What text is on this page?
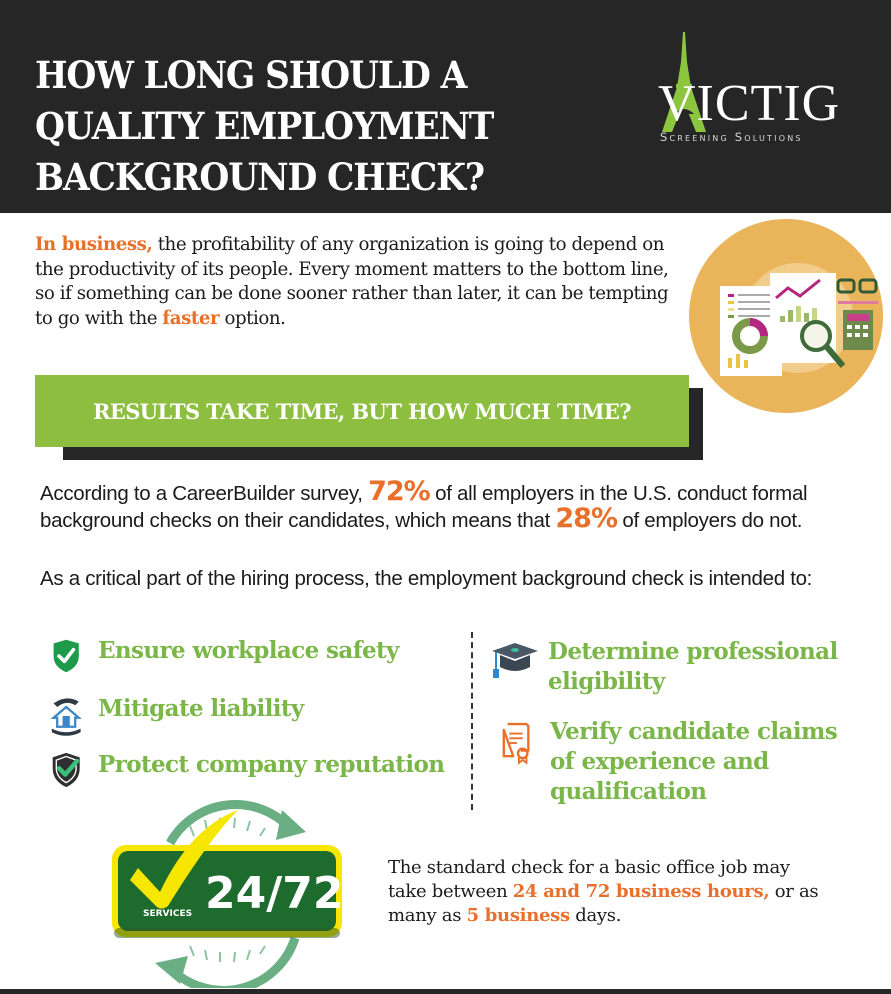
HOW LONG SHOULD A
QUALITY EMPLOYMENT
BACKGROUND CHECK?
VICTIG
Screening Solutions
In business, the profitability of any organization is going to depend on the productivity of its people. Every moment matters to the bottom line, so if something can be done sooner rather than later, it can be tempting to go with the faster option.
RESULTS TAKE TIME, BUT HOW MUCH TIME?
According to a CareerBuilder survey, 72% of all employers in the U.S. conduct formal background checks on their candidates, which means that 28% of employers do not.
As a critical part of the hiring process, the employment background check is intended to:
Ensure workplace safety
Mitigate liability
Protect company reputation
Determine professional
eligibility
Verify candidate claims
of experience and
qualification
24/72
SERVICES
The standard check for a basic office job may take between 24 and 72 business hours, or as many as 5 business days.
